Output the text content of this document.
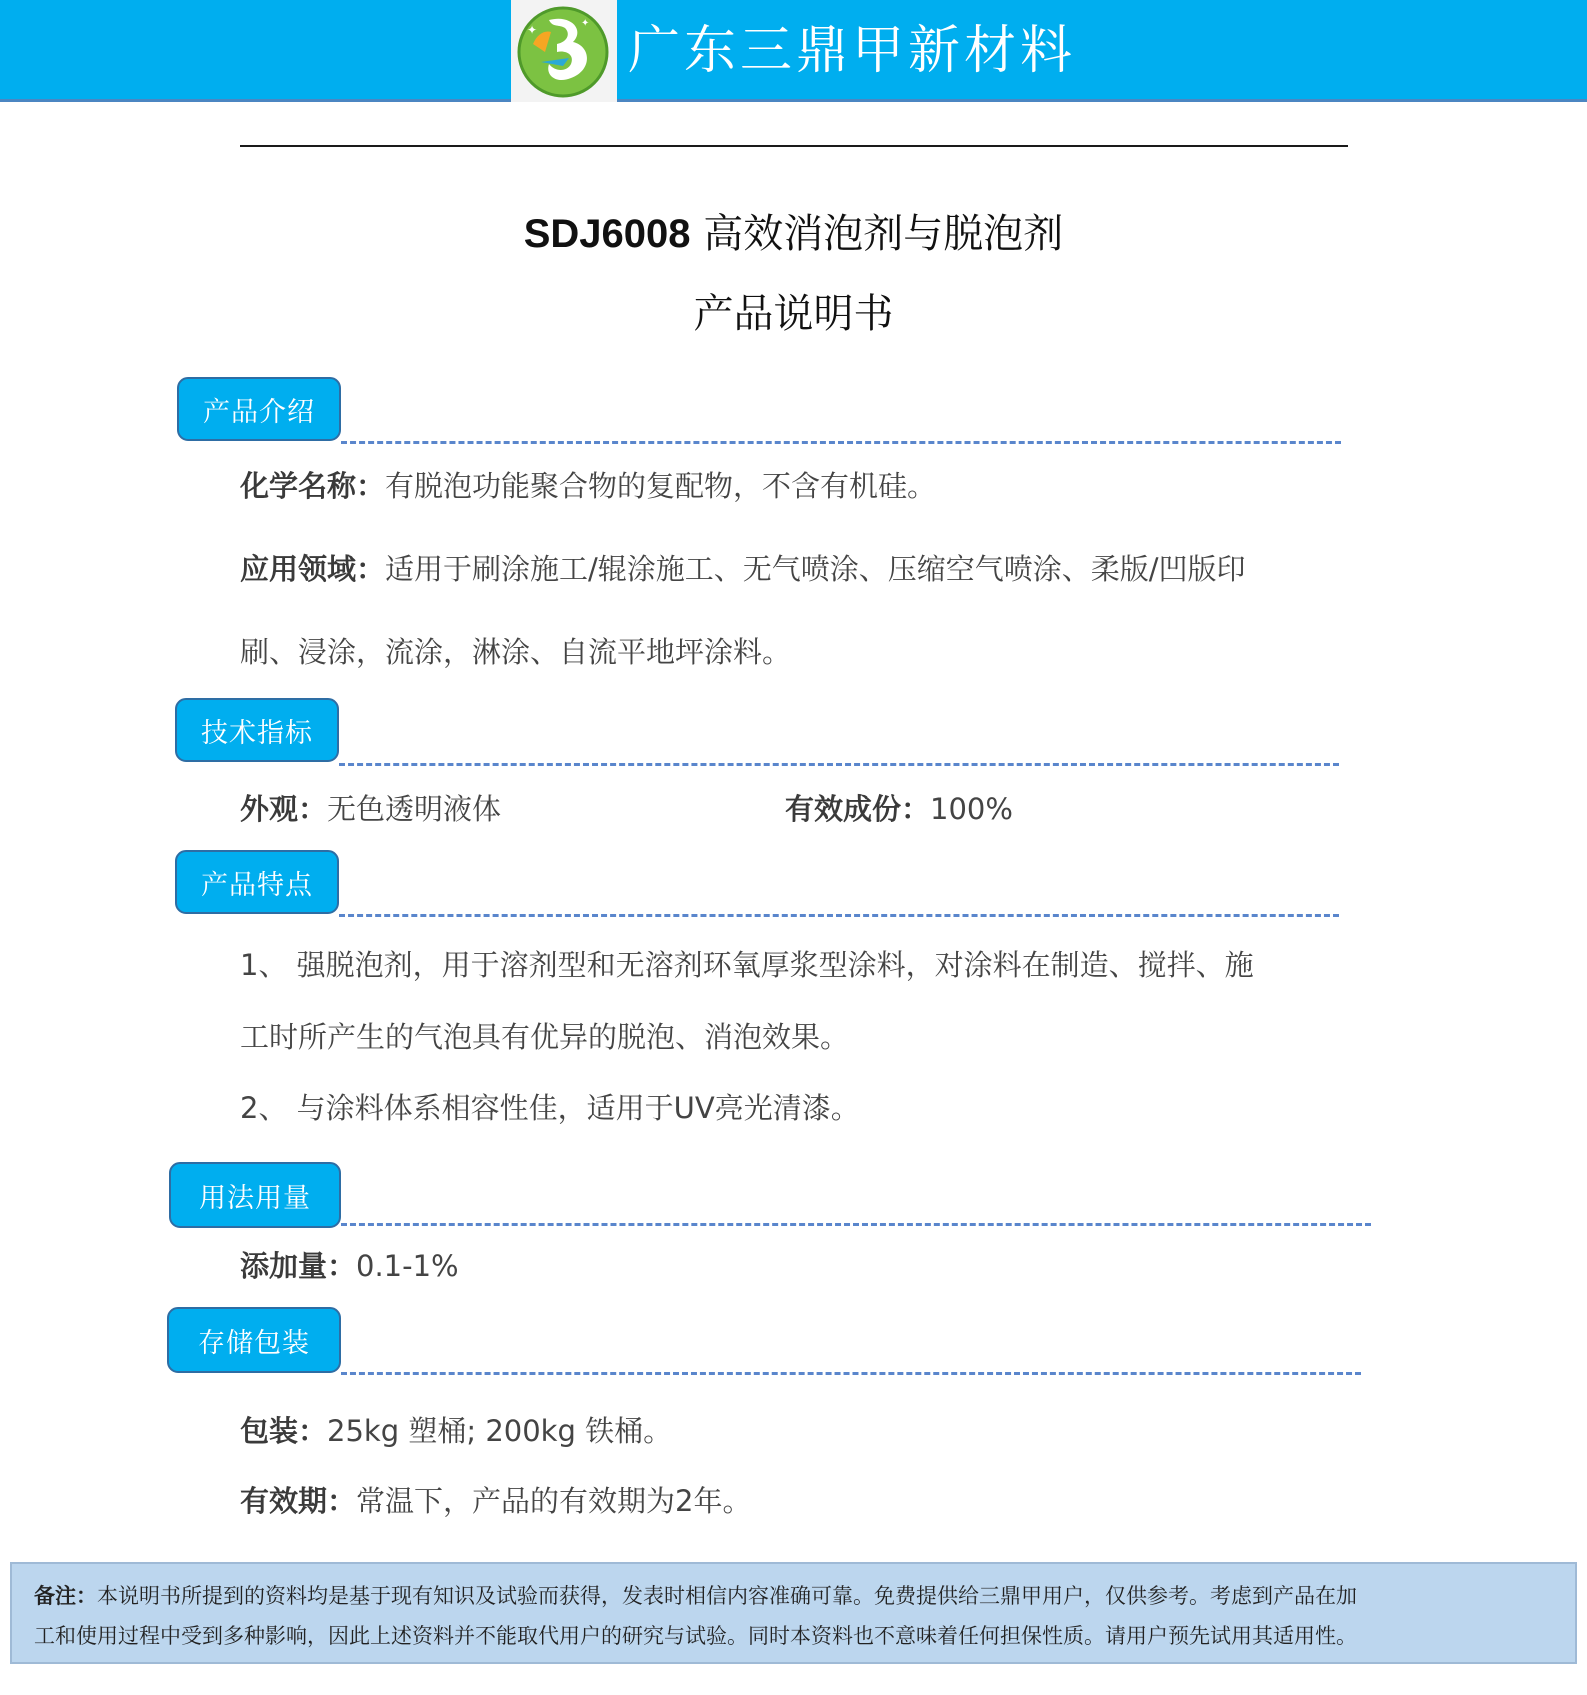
✦	✦ 广东三鼎甲新材料
SDJ6008 高效消泡剂与脱泡剂
产品说明书
产品介绍
化学名称：有脱泡功能聚合物的复配物，不含有机硅。
应用领域：适用于刷涂施工/辊涂施工、无气喷涂、压缩空气喷涂、柔版/凹版印
刷、浸涂，流涂，淋涂、自流平地坪涂料。
技术指标
外观：无色透明液体	有效成份：100%
产品特点
1、 强脱泡剂，用于溶剂型和无溶剂环氧厚浆型涂料，对涂料在制造、搅拌、施
工时所产生的气泡具有优异的脱泡、消泡效果。
2、 与涂料体系相容性佳，适用于UV亮光清漆。
用法用量
添加量：0.1-1%
存储包装
包装：25kg 塑桶; 200kg 铁桶。
有效期：常温下，产品的有效期为2年。
备注：本说明书所提到的资料均是基于现有知识及试验而获得，发表时相信内容准确可靠。免费提供给三鼎甲用户，仅供参考。考虑到产品在加
工和使用过程中受到多种影响，因此上述资料并不能取代用户的研究与试验。同时本资料也不意味着任何担保性质。请用户预先试用其适用性。
